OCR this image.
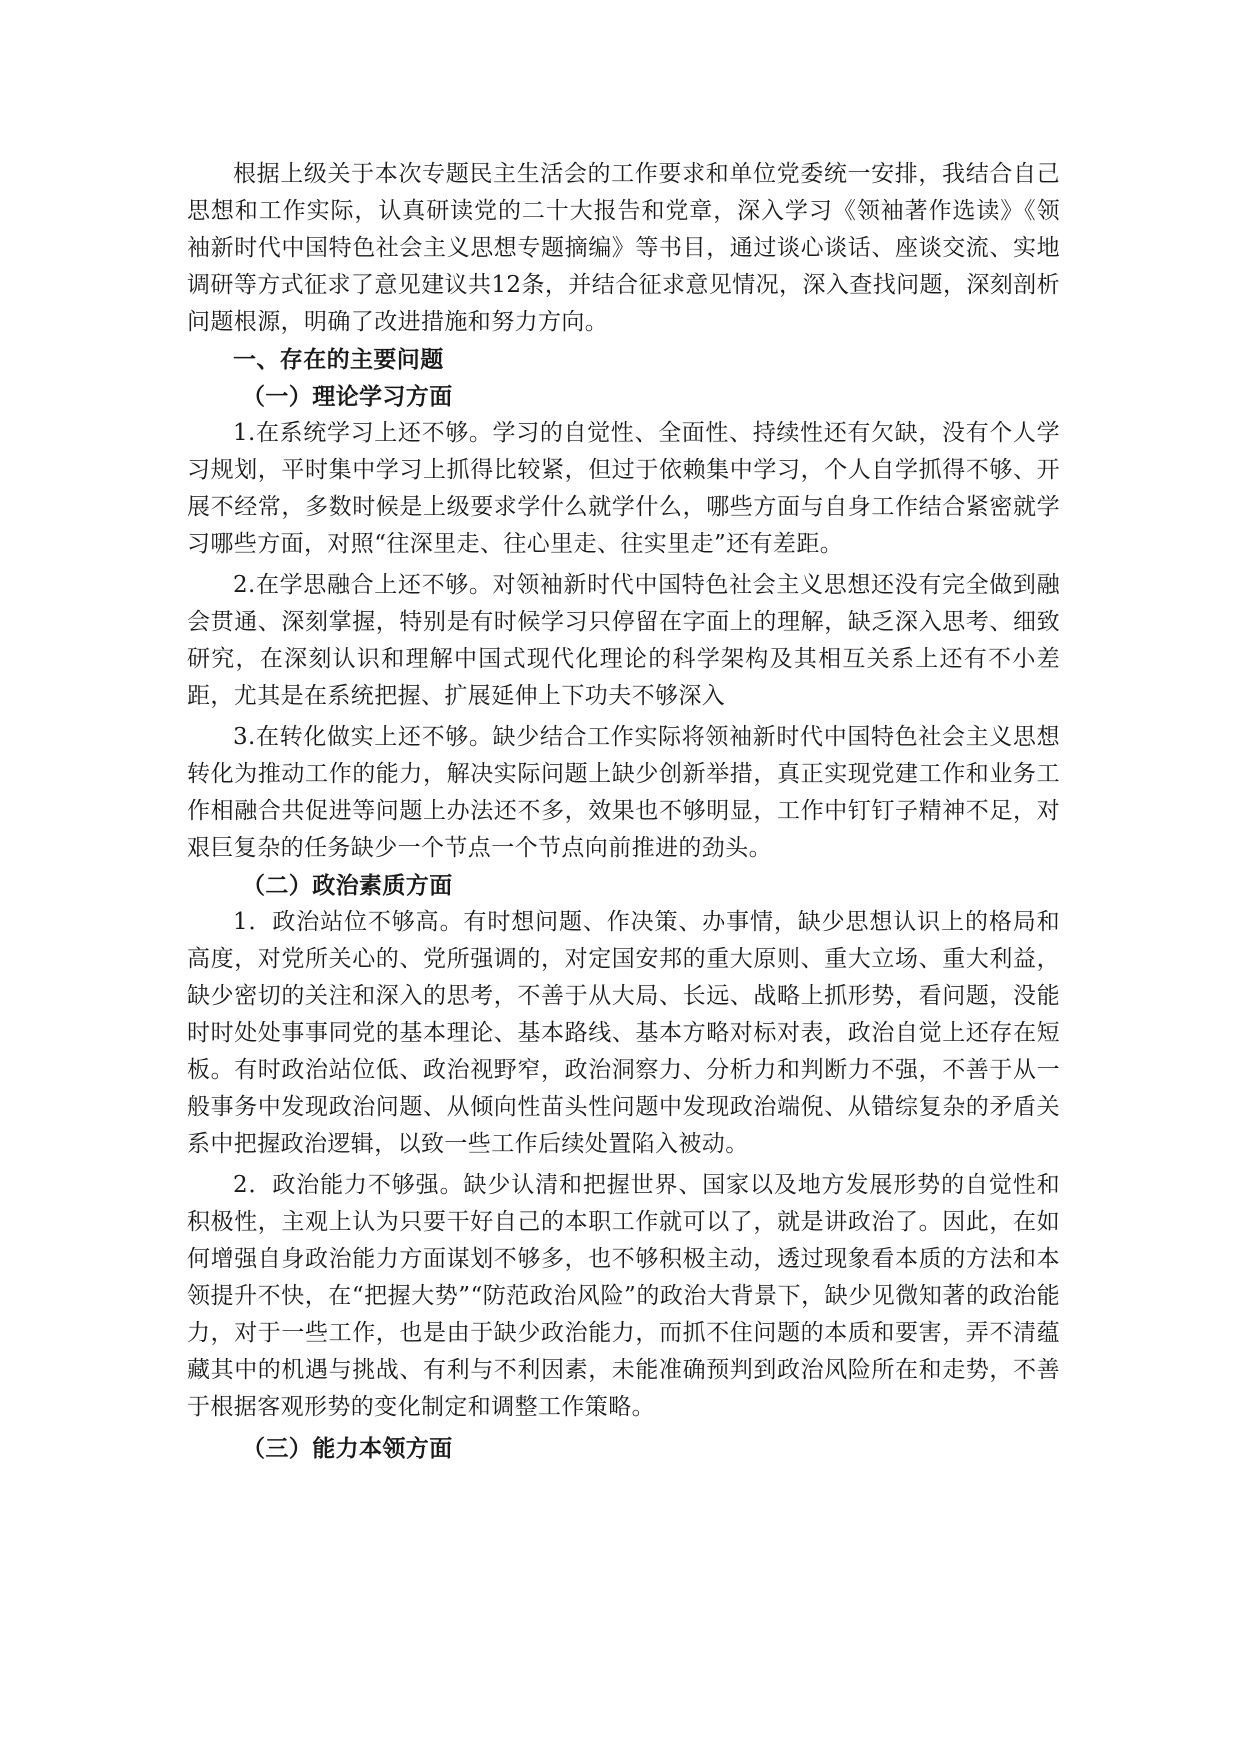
根据上级关于本次专题民主生活会的工作要求和单位党委统一安排，我结合自己思想和工作实际，认真研读党的二十大报告和党章，深入学习《领袖著作选读》《领袖新时代中国特色社会主义思想专题摘编》等书目，通过谈心谈话、座谈交流、实地调研等方式征求了意见建议共12条，并结合征求意见情况，深入查找问题，深刻剖析问题根源，明确了改进措施和努力方向。

一、存在的主要问题

（一）理论学习方面

1.在系统学习上还不够。学习的自觉性、全面性、持续性还有欠缺，没有个人学习规划，平时集中学习上抓得比较紧，但过于依赖集中学习，个人自学抓得不够、开展不经常，多数时候是上级要求学什么就学什么，哪些方面与自身工作结合紧密就学习哪些方面，对照“往深里走、往心里走、往实里走”还有差距。

2.在学思融合上还不够。对领袖新时代中国特色社会主义思想还没有完全做到融会贯通、深刻掌握，特别是有时候学习只停留在字面上的理解，缺乏深入思考、细致研究，在深刻认识和理解中国式现代化理论的科学架构及其相互关系上还有不小差距，尤其是在系统把握、扩展延伸上下功夫不够深入

3.在转化做实上还不够。缺少结合工作实际将领袖新时代中国特色社会主义思想转化为推动工作的能力，解决实际问题上缺少创新举措，真正实现党建工作和业务工作相融合共促进等问题上办法还不多，效果也不够明显，工作中钉钉子精神不足，对艰巨复杂的任务缺少一个节点一个节点向前推进的劲头。

（二）政治素质方面

1．政治站位不够高。有时想问题、作决策、办事情，缺少思想认识上的格局和高度，对党所关心的、党所强调的，对定国安邦的重大原则、重大立场、重大利益，缺少密切的关注和深入的思考，不善于从大局、长远、战略上抓形势，看问题，没能时时处处事事同党的基本理论、基本路线、基本方略对标对表，政治自觉上还存在短板。有时政治站位低、政治视野窄，政治洞察力、分析力和判断力不强，不善于从一般事务中发现政治问题、从倾向性苗头性问题中发现政治端倪、从错综复杂的矛盾关系中把握政治逻辑，以致一些工作后续处置陷入被动。

2．政治能力不够强。缺少认清和把握世界、国家以及地方发展形势的自觉性和积极性，主观上认为只要干好自己的本职工作就可以了，就是讲政治了。因此，在如何增强自身政治能力方面谋划不够多，也不够积极主动，透过现象看本质的方法和本领提升不快，在“把握大势”“防范政治风险”的政治大背景下，缺少见微知著的政治能力，对于一些工作，也是由于缺少政治能力，而抓不住问题的本质和要害，弄不清蕴藏其中的机遇与挑战、有利与不利因素，未能准确预判到政治风险所在和走势，不善于根据客观形势的变化制定和调整工作策略。

（三）能力本领方面
